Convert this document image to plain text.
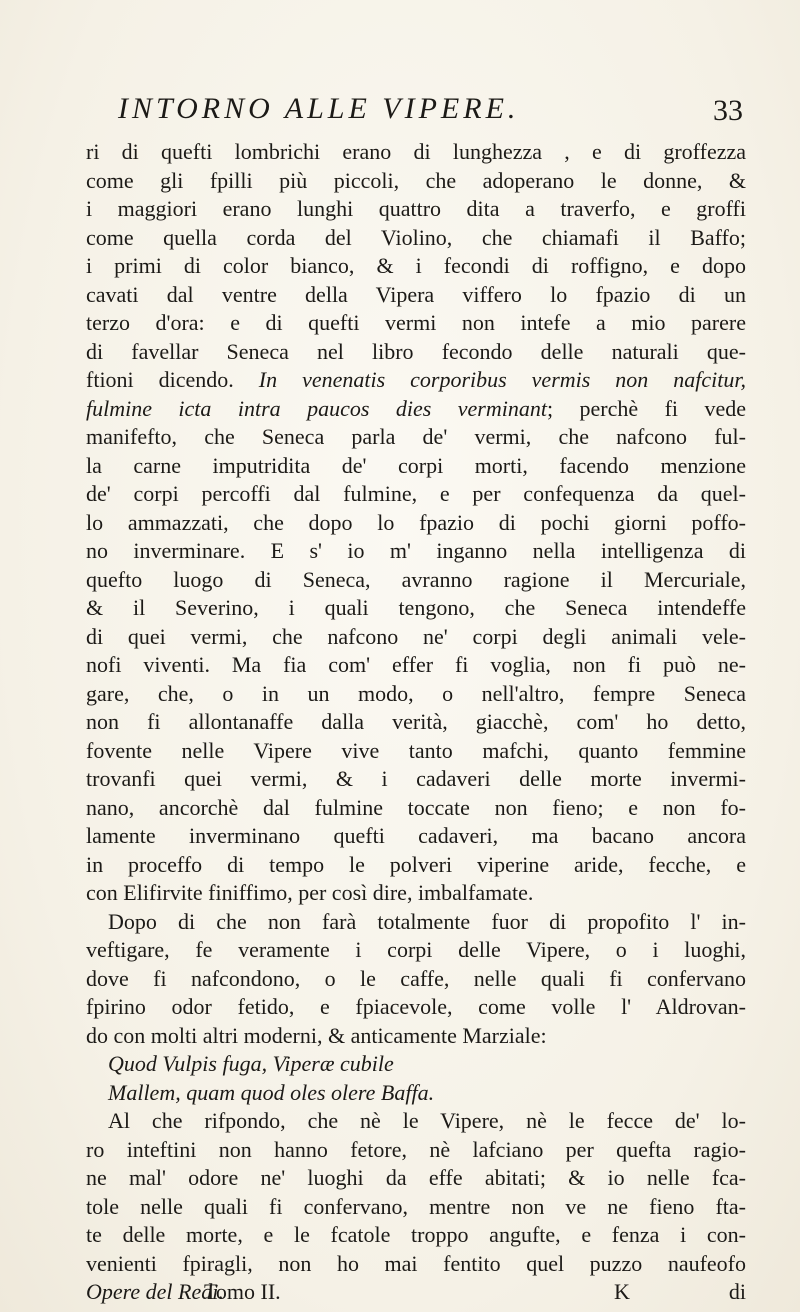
INTORNO ALLE VIPERE.	33
ri di quefti lombrichi erano di lunghezza , e di groffezza
come gli fpilli più piccoli, che adoperano le donne, &
i maggiori erano lunghi quattro dita a traverfo, e groffi
come quella corda del Violino, che chiamafi il Baffo;
i primi di color bianco, & i fecondi di roffigno, e dopo
cavati dal ventre della Vipera viffero lo fpazio di un
terzo d'ora: e di quefti vermi non intefe a mio parere
di favellar Seneca nel libro fecondo delle naturali que-
ftioni dicendo. In venenatis corporibus vermis non nafcitur,
fulmine icta intra paucos dies verminant; perchè fi vede
manifefto, che Seneca parla de' vermi, che nafcono ful-
la carne imputridita de' corpi morti, facendo menzione
de' corpi percoffi dal fulmine, e per confequenza da quel-
lo ammazzati, che dopo lo fpazio di pochi giorni poffo-
no inverminare. E s' io m' inganno nella intelligenza di
quefto luogo di Seneca, avranno ragione il Mercuriale,
& il Severino, i quali tengono, che Seneca intendeffe
di quei vermi, che nafcono ne' corpi degli animali vele-
nofi viventi. Ma fia com' effer fi voglia, non fi può ne-
gare, che, o in un modo, o nell'altro, fempre Seneca
non fi allontanaffe dalla verità, giacchè, com' ho detto,
fovente nelle Vipere vive tanto mafchi, quanto femmine
trovanfi quei vermi, & i cadaveri delle morte invermi-
nano, ancorchè dal fulmine toccate non fieno; e non fo-
lamente inverminano quefti cadaveri, ma bacano ancora
in proceffo di tempo le polveri viperine aride, fecche, e
con Elifirvite finiffimo, per così dire, imbalfamate.
Dopo di che non farà totalmente fuor di propofito l' in-
veftigare, fe veramente i corpi delle Vipere, o i luoghi,
dove fi nafcondono, o le caffe, nelle quali fi confervano
fpirino odor fetido, e fpiacevole, come volle l' Aldrovan-
do con molti altri moderni, & anticamente Marziale:
Quod Vulpis fuga, Viperæ cubile
Mallem, quam quod oles olere Baffa.
Al che rifpondo, che nè le Vipere, nè le fecce de' lo-
ro inteftini non hanno fetore, nè lafciano per quefta ragio-
ne mal' odore ne' luoghi da effe abitati; & io nelle fca-
tole nelle quali fi confervano, mentre non ve ne fieno fta-
te delle morte, e le fcatole troppo angufte, e fenza i con-
venienti fpiragli, non ho mai fentito quel puzzo naufeofo
Opere del Redi.
Tomo II.	K	di
